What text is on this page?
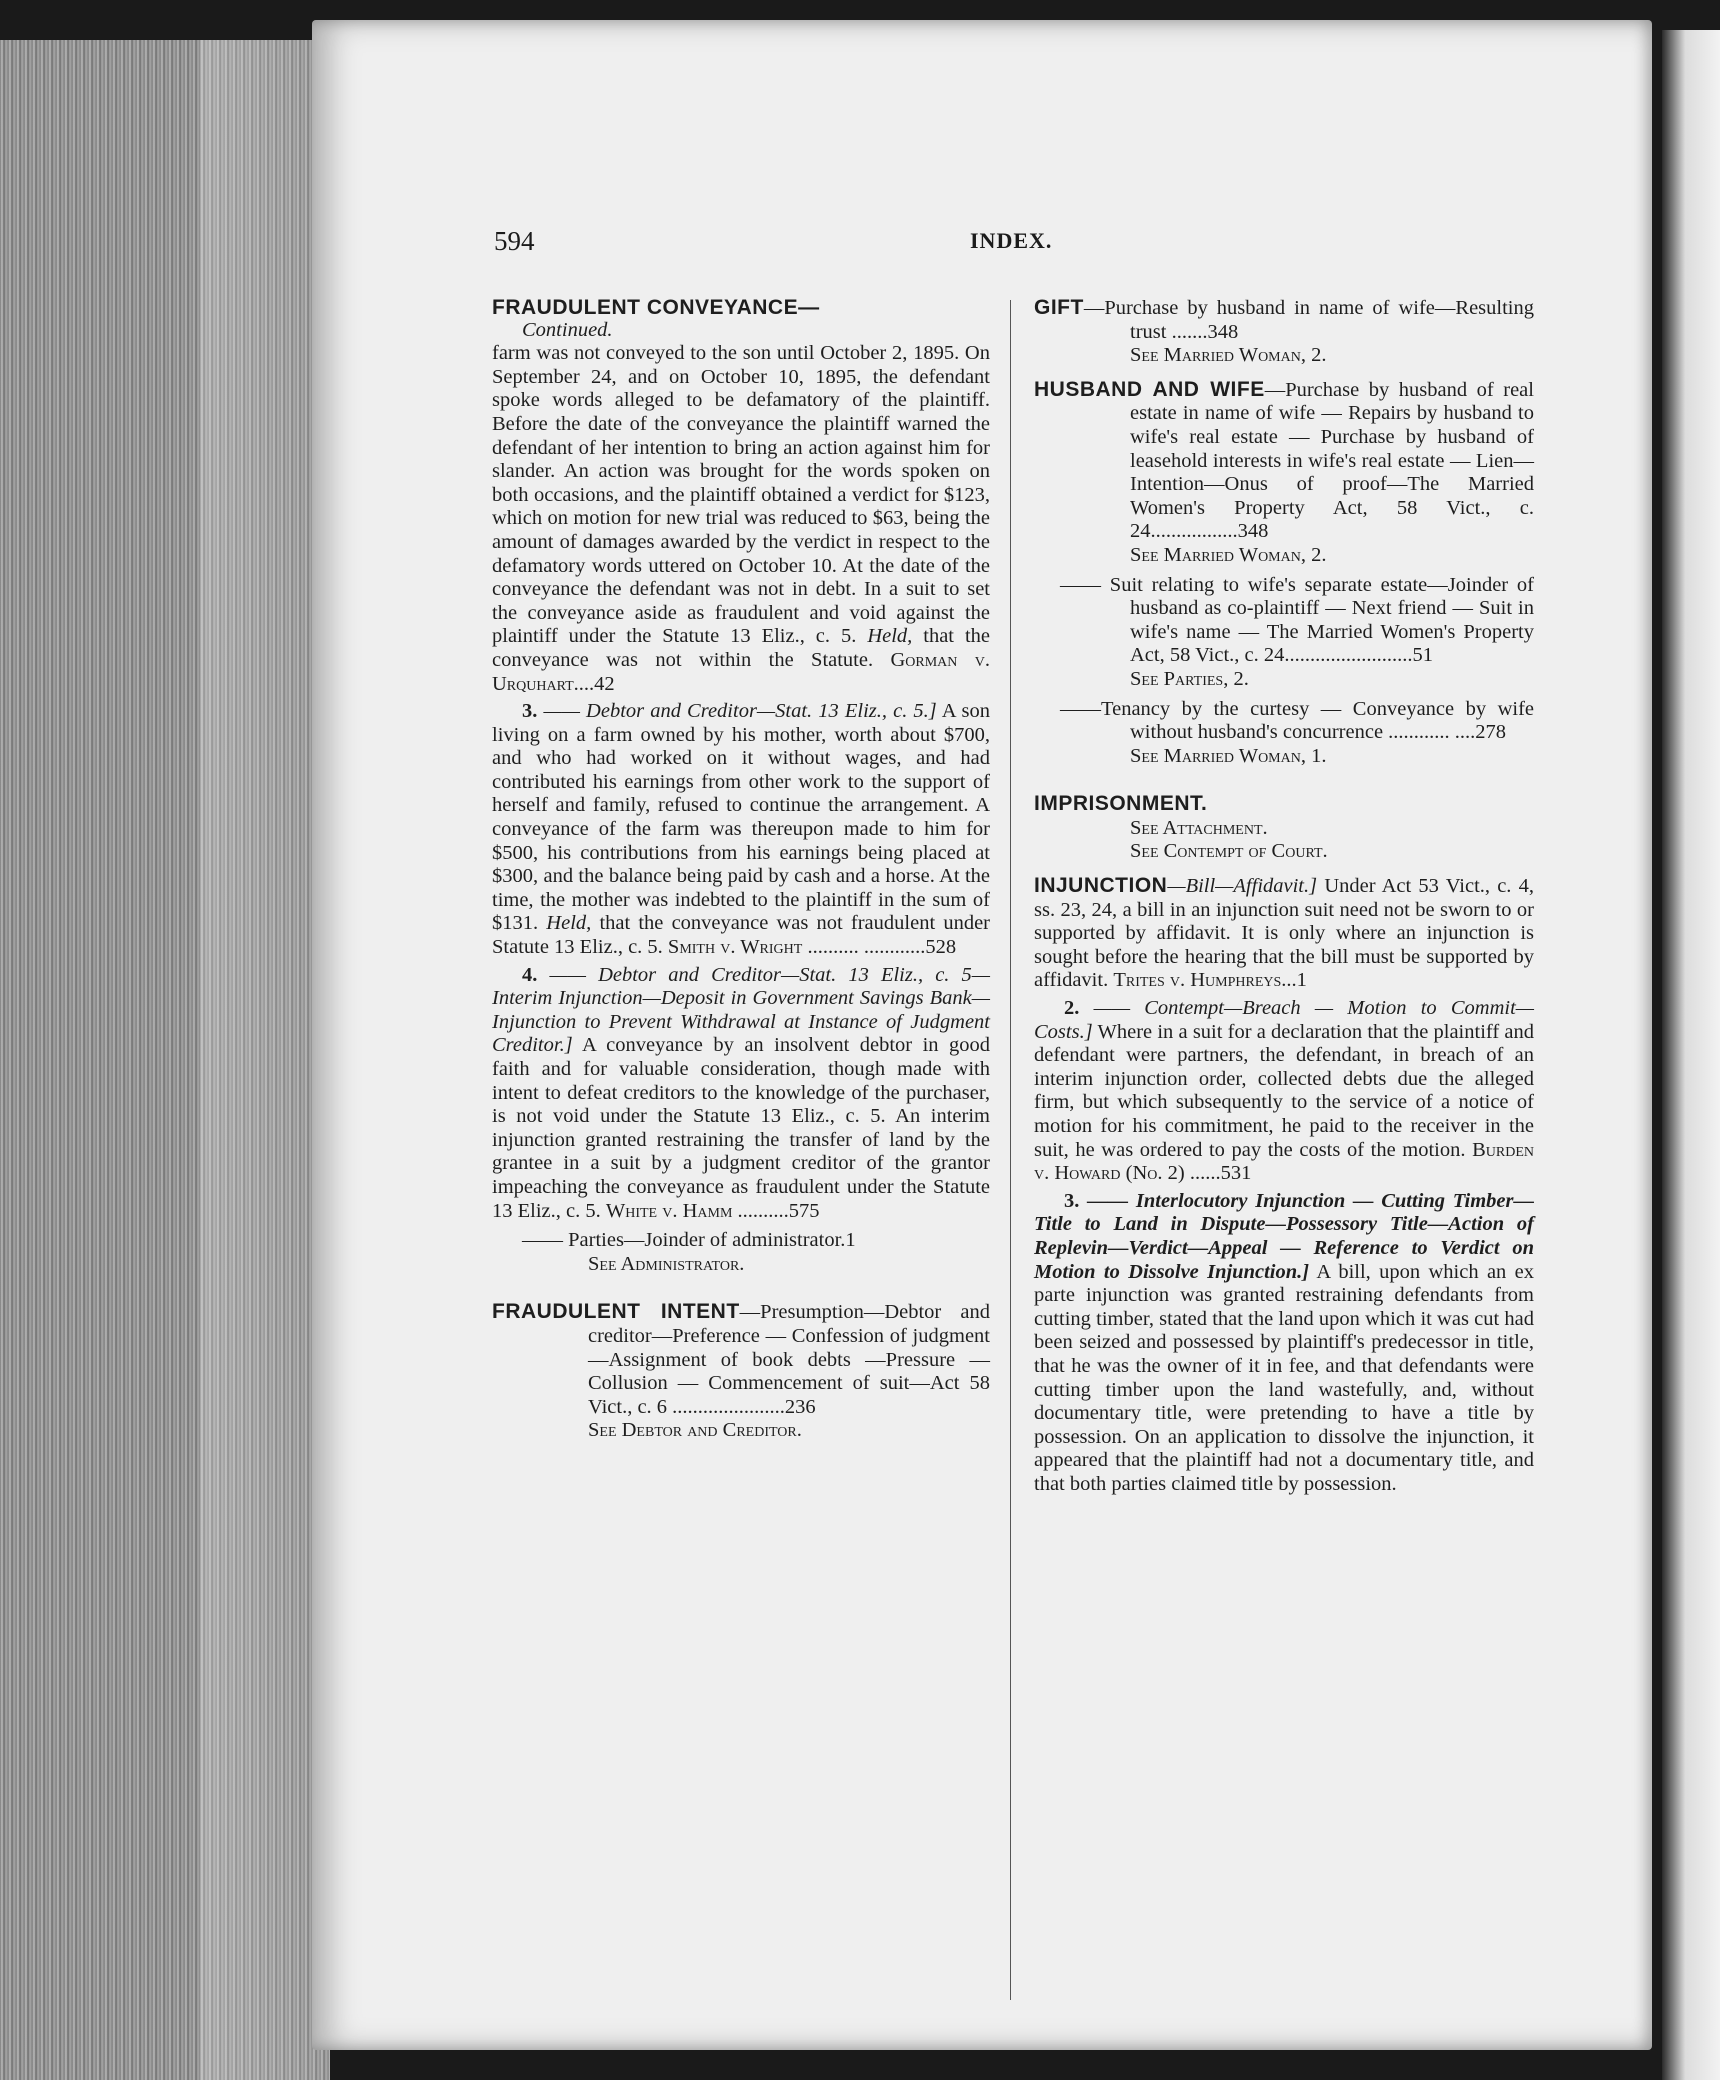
594	INDEX.
FRAUDULENT CONVEYANCE—
Continued.

farm was not conveyed to the son until October 2, 1895. On September 24, and on October 10, 1895, the defendant spoke words alleged to be defamatory of the plaintiff. Before the date of the conveyance the plaintiff warned the defendant of her intention to bring an action against him for slander. An action was brought for the words spoken on both occasions, and the plaintiff obtained a verdict for $123, which on motion for new trial was reduced to $63, being the amount of damages awarded by the verdict in respect to the defamatory words uttered on October 10. At the date of the conveyance the defendant was not in debt. In a suit to set the conveyance aside as fraudulent and void against the plaintiff under the Statute 13 Eliz., c. 5. Held, that the conveyance was not within the Statute. Gorman v. Urquhart....42

3. —— Debtor and Creditor—Stat. 13 Eliz., c. 5.] A son living on a farm owned by his mother, worth about $700, and who had worked on it without wages, and had contributed his earnings from other work to the support of herself and family, refused to continue the arrangement. A conveyance of the farm was thereupon made to him for $500, his contributions from his earnings being placed at $300, and the balance being paid by cash and a horse. At the time, the mother was indebted to the plaintiff in the sum of $131. Held, that the conveyance was not fraudulent under Statute 13 Eliz., c. 5. Smith v. Wright .......... ............528
4. —— Debtor and Creditor—Stat. 13 Eliz., c. 5—Interim Injunction—Deposit in Government Savings Bank—Injunction to Prevent Withdrawal at Instance of Judgment Creditor.] A conveyance by an insolvent debtor in good faith and for valuable consideration, though made with intent to defeat creditors to the knowledge of the purchaser, is not void under the Statute 13 Eliz., c. 5. An interim injunction granted restraining the transfer of land by the grantee in a suit by a judgment creditor of the grantor impeaching the conveyance as fraudulent under the Statute 13 Eliz., c. 5. White v. Hamm ..........575
—— Parties—Joinder of administrator.1
See Administrator.
FRAUDULENT INTENT—Presumption—Debtor and creditor—Preference — Confession of judgment—Assignment of book debts —Pressure — Collusion — Commencement of suit—Act 58 Vict., c. 6 ......................236
See Debtor and Creditor.
GIFT—Purchase by husband in name of wife—Resulting trust .......348
See Married Woman, 2.
HUSBAND AND WIFE—Purchase by husband of real estate in name of wife — Repairs by husband to wife's real estate — Purchase by husband of leasehold interests in wife's real estate — Lien—Intention—Onus of proof—The Married Women's Property Act, 58 Vict., c. 24.................348
See Married Woman, 2.
—— Suit relating to wife's separate estate—Joinder of husband as co-plaintiff — Next friend — Suit in wife's name — The Married Women's Property Act, 58 Vict., c. 24.........................51
See Parties, 2.
——Tenancy by the curtesy — Conveyance by wife without husband's concurrence ............ ....278
See Married Woman, 1.
IMPRISONMENT.
See Attachment.
See Contempt of Court.
INJUNCTION—Bill—Affidavit.] Under Act 53 Vict., c. 4, ss. 23, 24, a bill in an injunction suit need not be sworn to or supported by affidavit. It is only where an injunction is sought before the hearing that the bill must be supported by affidavit. Trites v. Humphreys...1
2. —— Contempt—Breach — Motion to Commit—Costs.] Where in a suit for a declaration that the plaintiff and defendant were partners, the defendant, in breach of an interim injunction order, collected debts due the alleged firm, but which subsequently to the service of a notice of motion for his commitment, he paid to the receiver in the suit, he was ordered to pay the costs of the motion. Burden v. Howard (No. 2) ......531
3. —— Interlocutory Injunction — Cutting Timber—Title to Land in Dispute—Possessory Title—Action of Replevin—Verdict—Appeal — Reference to Verdict on Motion to Dissolve Injunction.] A bill, upon which an ex parte injunction was granted restraining defendants from cutting timber, stated that the land upon which it was cut had been seized and possessed by plaintiff's predecessor in title, that he was the owner of it in fee, and that defendants were cutting timber upon the land wastefully, and, without documentary title, were pretending to have a title by possession. On an application to dissolve the injunction, it appeared that the plaintiff had not a documentary title, and that both parties claimed title by possession.
